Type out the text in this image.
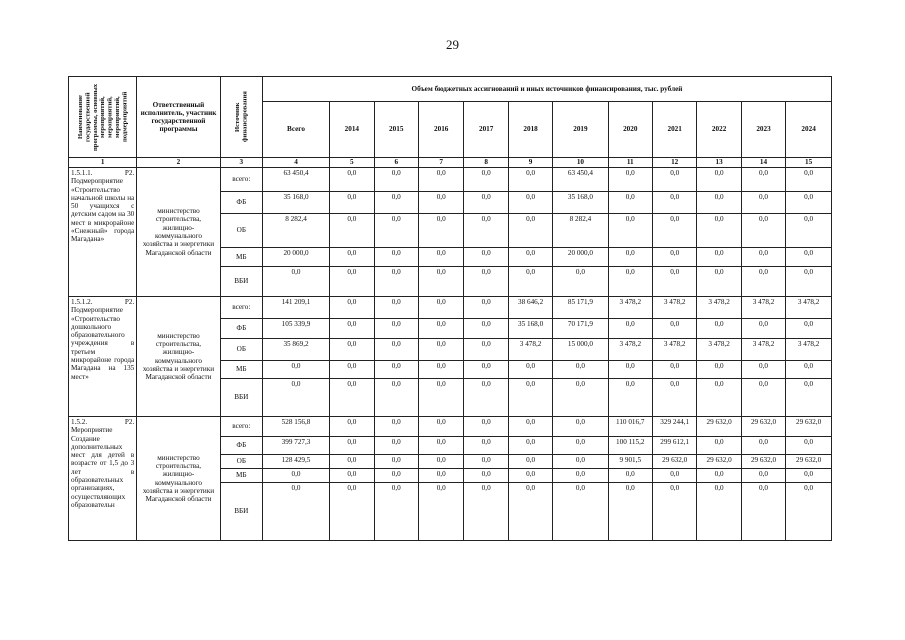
29
Наименование государственной программы, основных мероприятий, мероприятий, мероприятий, подмероприятий	Ответственный исполнитель, участник государственной программы	Источник финансирования	Объем бюджетных ассигнований и иных источников финансирования, тыс. рублей											
			Всего	2014	2015	2016	2017	2018	2019	2020	2021	2022	2023	2024
1	2	3	4	5	6	7	8	9	10	11	12	13	14	15

1.5.1.1. Р2. Подмероприятие «Строительство начальной школы на 50 учащихся с детским садом на 30 мест в микрорайоне «Снежный» города Магадана»	министерство строительства, жилищно-коммунального хозяйства и энергетики Магаданской области	всего:	63 450,4	0,0	0,0	0,0	0,0	0,0	63 450,4	0,0	0,0	0,0	0,0	0,0
		ФБ	35 168,0	0,0	0,0	0,0	0,0	0,0	35 168,0	0,0	0,0	0,0	0,0	0,0
		ОБ	8 282,4	0,0	0,0	0,0	0,0	0,0	8 282,4	0,0	0,0	0,0	0,0	0,0
		МБ	20 000,0	0,0	0,0	0,0	0,0	0,0	20 000,0	0,0	0,0	0,0	0,0	0,0
		ВБИ	0,0	0,0	0,0	0,0	0,0	0,0	0,0	0,0	0,0	0,0	0,0	0,0

1.5.1.2. Р2. Подмероприятие «Строительство дошкольного образовательного учреждения в третьем микрорайоне города Магадана на 135 мест»	министерство строительства, жилищно-коммунального хозяйства и энергетики Магаданской области	всего:	141 209,1	0,0	0,0	0,0	0,0	38 646,2	85 171,9	3 478,2	3 478,2	3 478,2	3 478,2	3 478,2
		ФБ	105 339,9	0,0	0,0	0,0	0,0	35 168,0	70 171,9	0,0	0,0	0,0	0,0	0,0
		ОБ	35 869,2	0,0	0,0	0,0	0,0	3 478,2	15 000,0	3 478,2	3 478,2	3 478,2	3 478,2	3 478,2
		МБ	0,0	0,0	0,0	0,0	0,0	0,0	0,0	0,0	0,0	0,0	0,0	0,0
		ВБИ	0,0	0,0	0,0	0,0	0,0	0,0	0,0	0,0	0,0	0,0	0,0	0,0

1.5.2. Р2. Мероприятие Создание дополнительных мест для детей в возрасте от 1,5 до 3 лет в образовательных организациях, осуществляющих образовательн	министерство строительства, жилищно-коммунального хозяйства и энергетики Магаданской области	всего:	528 156,8	0,0	0,0	0,0	0,0	0,0	0,0	110 016,7	329 244,1	29 632,0	29 632,0	29 632,0
		ФБ	399 727,3	0,0	0,0	0,0	0,0	0,0	0,0	100 115,2	299 612,1	0,0	0,0	0,0
		ОБ	128 429,5	0,0	0,0	0,0	0,0	0,0	0,0	9 901,5	29 632,0	29 632,0	29 632,0	29 632,0
		МБ	0,0	0,0	0,0	0,0	0,0	0,0	0,0	0,0	0,0	0,0	0,0	0,0
		ВБИ	0,0	0,0	0,0	0,0	0,0	0,0	0,0	0,0	0,0	0,0	0,0	0,0
